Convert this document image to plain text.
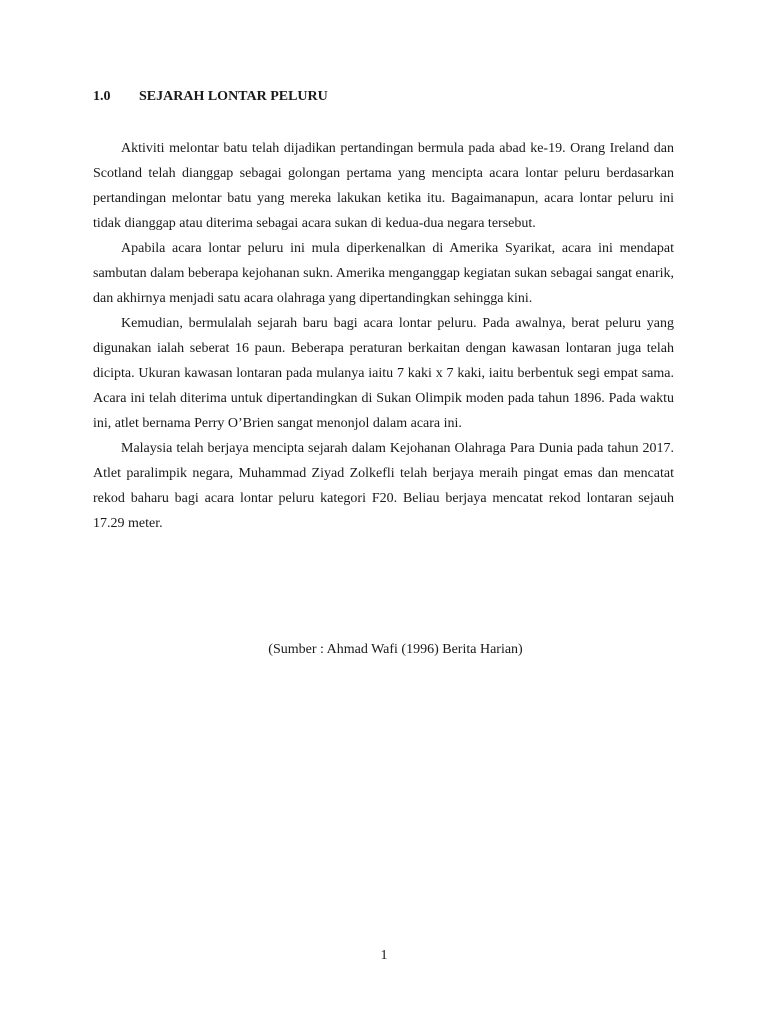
1.0 SEJARAH LONTAR PELURU

Aktiviti melontar batu telah dijadikan pertandingan bermula pada abad ke-19. Orang Ireland dan Scotland telah dianggap sebagai golongan pertama yang mencipta acara lontar peluru berdasarkan pertandingan melontar batu yang mereka lakukan ketika itu. Bagaimanapun, acara lontar peluru ini tidak dianggap atau diterima sebagai acara sukan di kedua-dua negara tersebut.

Apabila acara lontar peluru ini mula diperkenalkan di Amerika Syarikat, acara ini mendapat sambutan dalam beberapa kejohanan sukn. Amerika menganggap kegiatan sukan sebagai sangat enarik, dan akhirnya menjadi satu acara olahraga yang dipertandingkan sehingga kini.

Kemudian, bermulalah sejarah baru bagi acara lontar peluru. Pada awalnya, berat peluru yang digunakan ialah seberat 16 paun. Beberapa peraturan berkaitan dengan kawasan lontaran juga telah dicipta. Ukuran kawasan lontaran pada mulanya iaitu 7 kaki x 7 kaki, iaitu berbentuk segi empat sama. Acara ini telah diterima untuk dipertandingkan di Sukan Olimpik moden pada tahun 1896. Pada waktu ini, atlet bernama Perry O’Brien sangat menonjol dalam acara ini.

Malaysia telah berjaya mencipta sejarah dalam Kejohanan Olahraga Para Dunia pada tahun 2017. Atlet paralimpik negara, Muhammad Ziyad Zolkefli telah berjaya meraih pingat emas dan mencatat rekod baharu bagi acara lontar peluru kategori F20. Beliau berjaya mencatat rekod lontaran sejauh 17.29 meter.

(Sumber : Ahmad Wafi (1996) Berita Harian)
1
